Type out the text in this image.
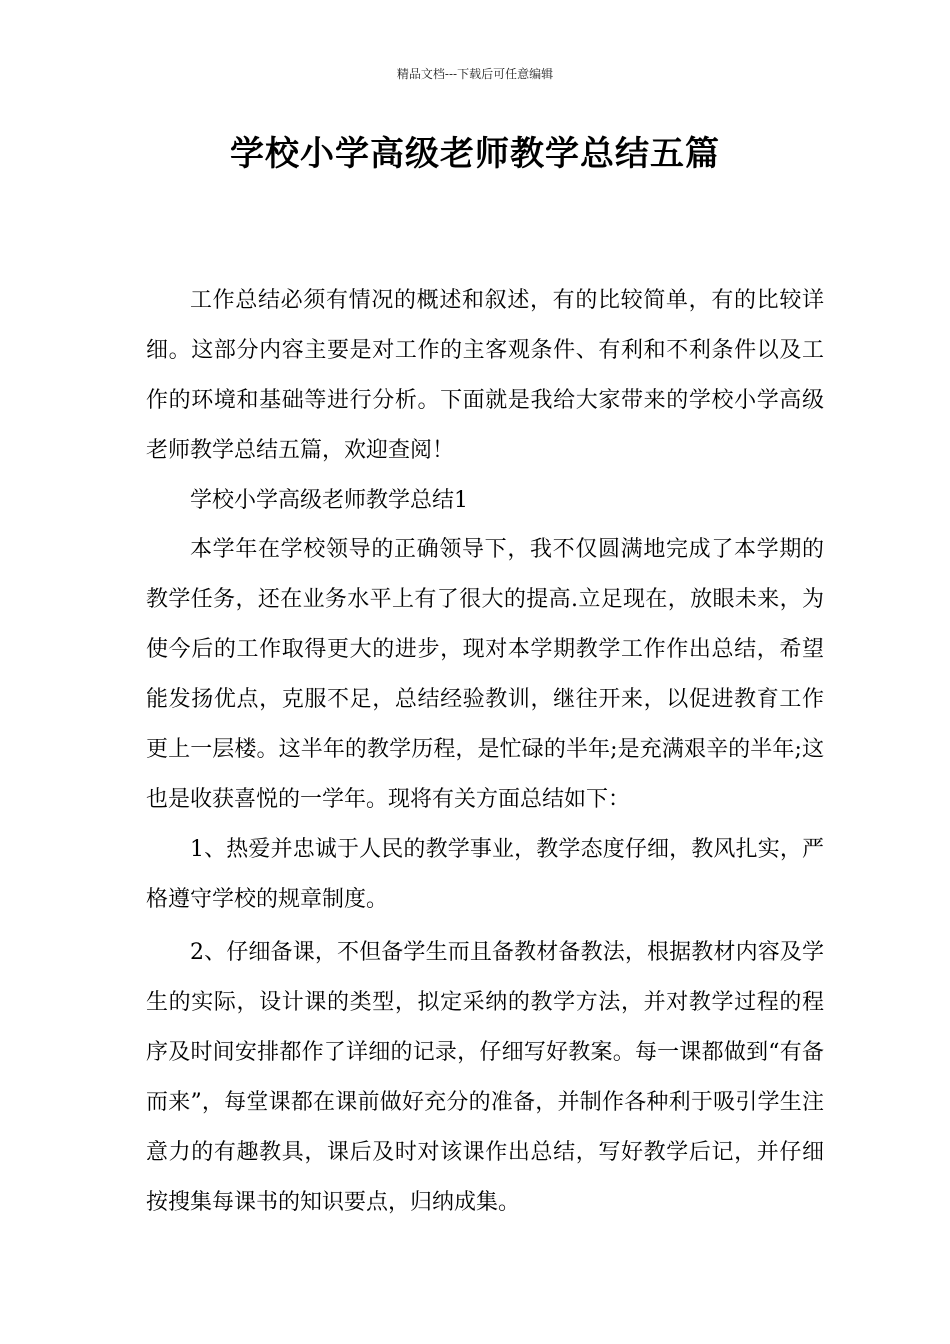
精品文档---下载后可任意编辑
学校小学高级老师教学总结五篇

工作总结必须有情况的概述和叙述，有的比较简单，有的比较详细。这部分内容主要是对工作的主客观条件、有利和不利条件以及工作的环境和基础等进行分析。下面就是我给大家带来的学校小学高级老师教学总结五篇，欢迎查阅！

学校小学高级老师教学总结1

本学年在学校领导的正确领导下，我不仅圆满地完成了本学期的教学任务，还在业务水平上有了很大的提高.立足现在，放眼未来，为使今后的工作取得更大的进步，现对本学期教学工作作出总结，希望能发扬优点，克服不足，总结经验教训，继往开来，以促进教育工作更上一层楼。这半年的教学历程，是忙碌的半年;是充满艰辛的半年;这也是收获喜悦的一学年。现将有关方面总结如下：

1、热爱并忠诚于人民的教学事业，教学态度仔细，教风扎实，严格遵守学校的规章制度。

2、仔细备课，不但备学生而且备教材备教法，根据教材内容及学生的实际，设计课的类型，拟定采纳的教学方法，并对教学过程的程序及时间安排都作了详细的记录，仔细写好教案。每一课都做到“有备而来”，每堂课都在课前做好充分的准备，并制作各种利于吸引学生注意力的有趣教具，课后及时对该课作出总结，写好教学后记，并仔细按搜集每课书的知识要点，归纳成集。
